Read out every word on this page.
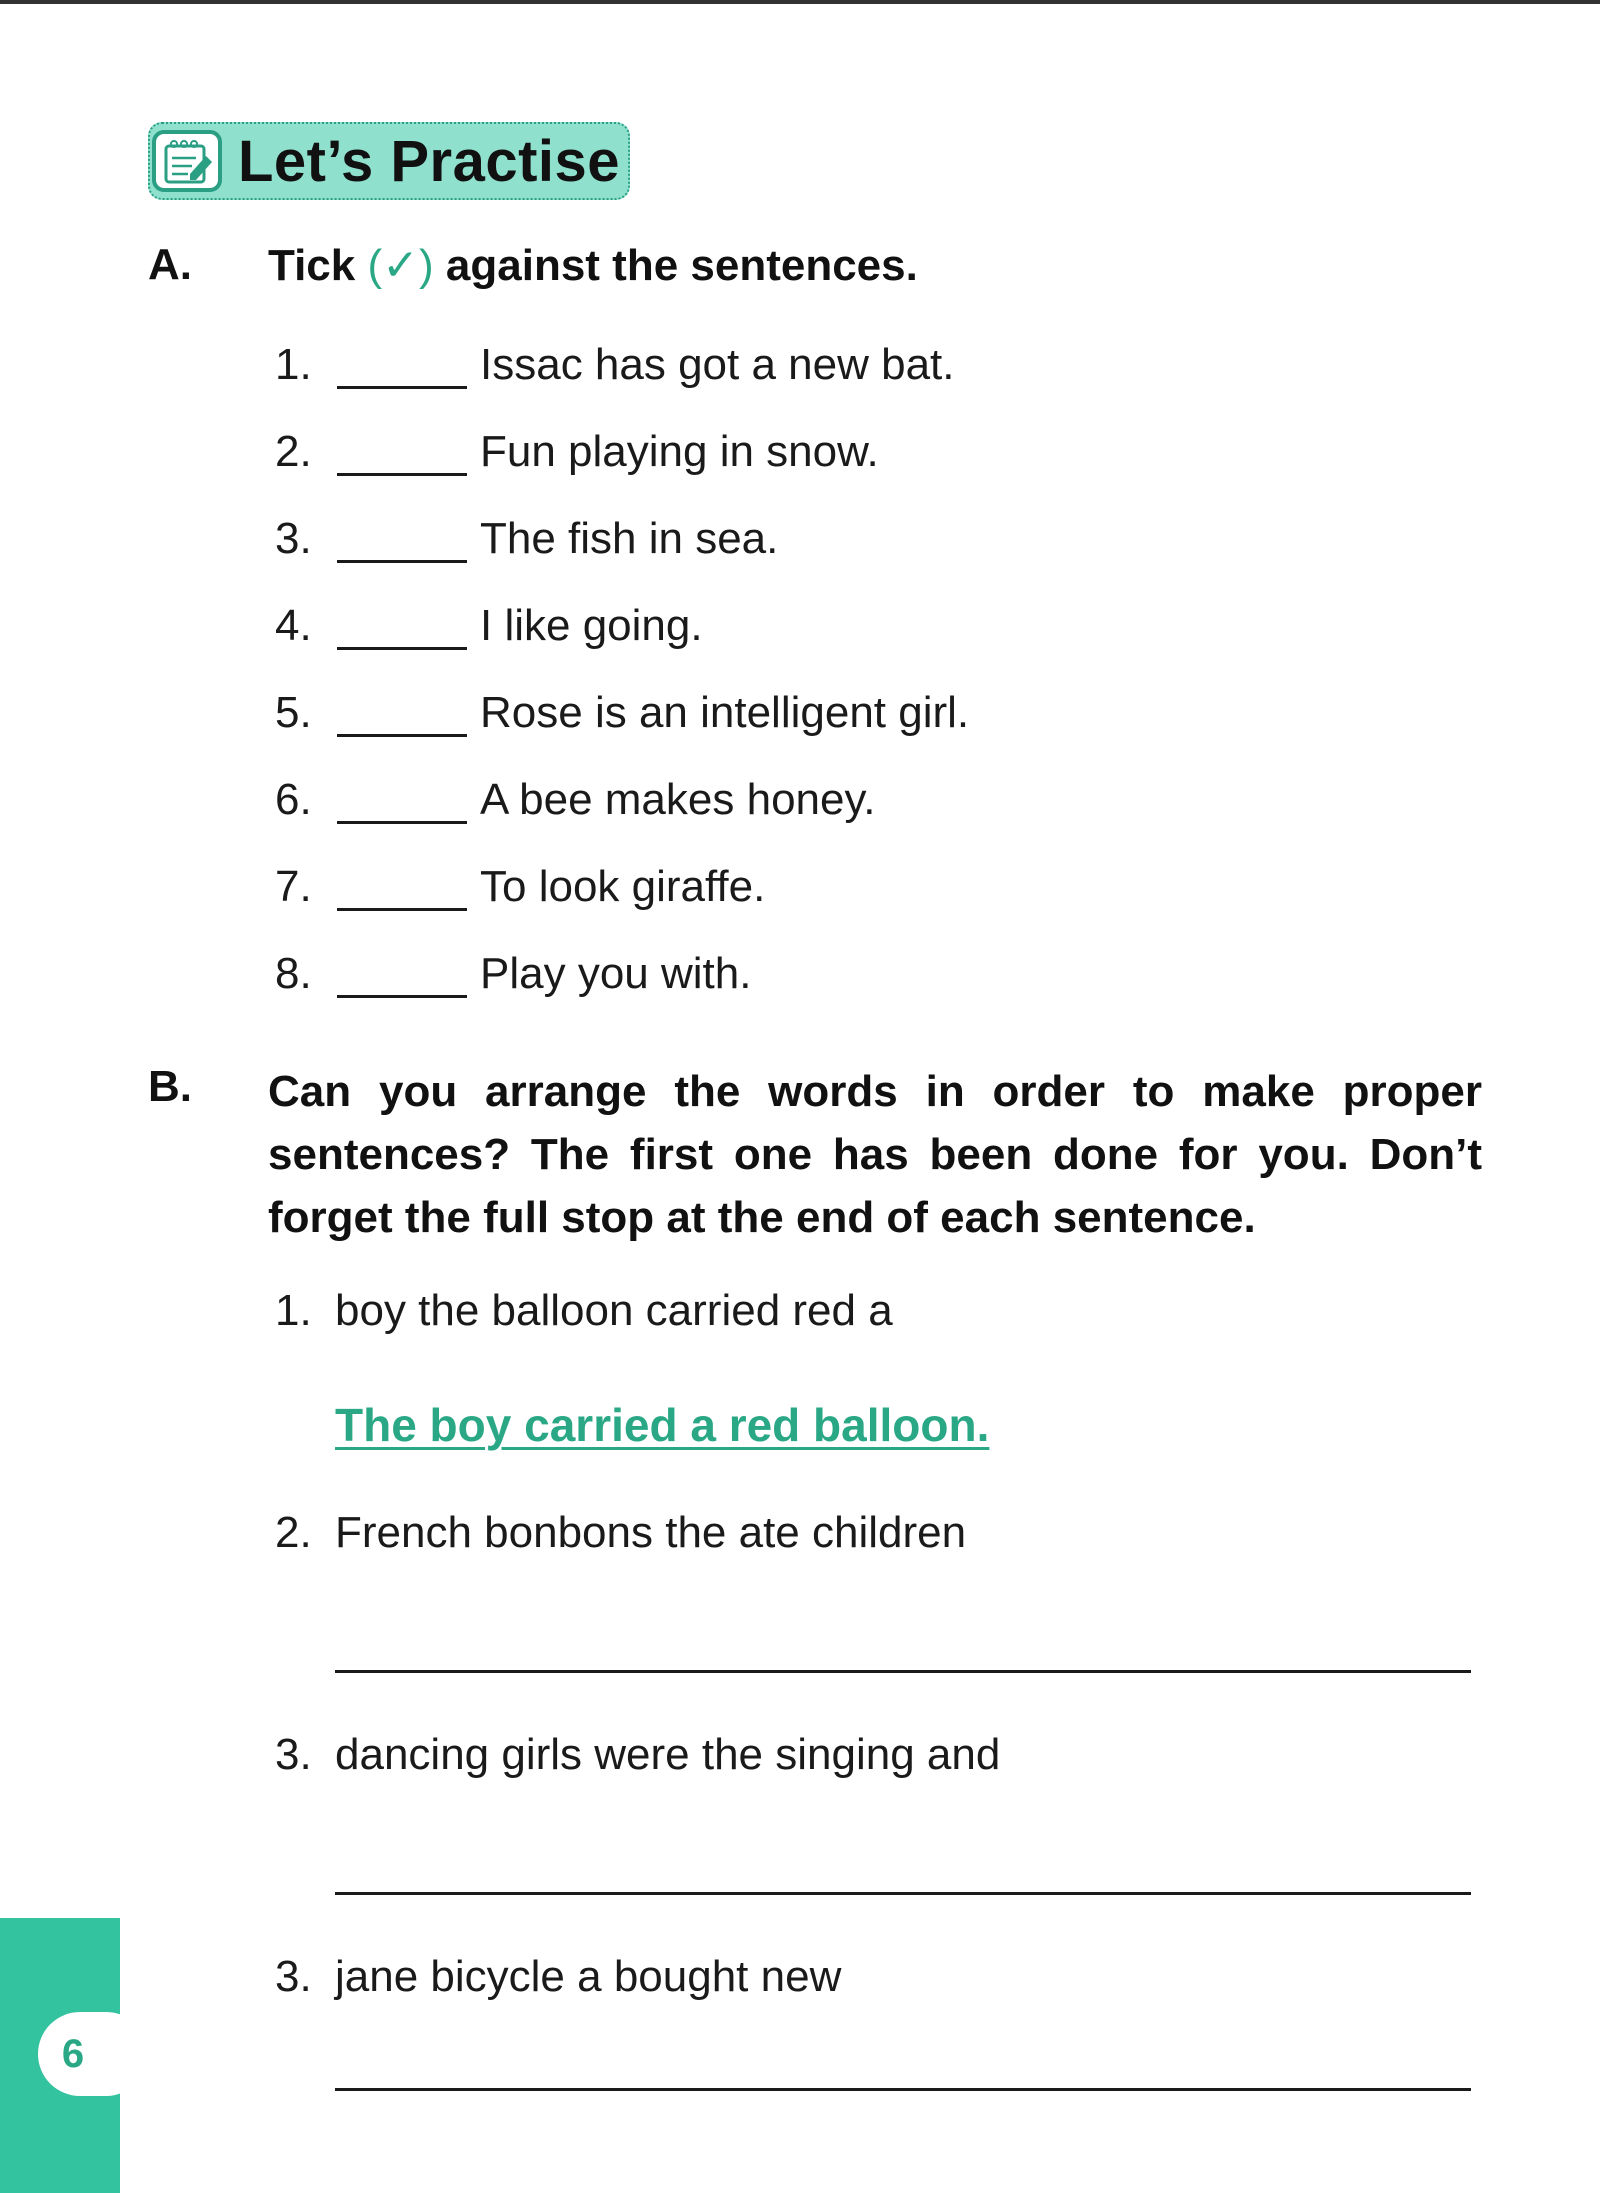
Let’s Practise
A. Tick (✓) against the sentences.
1.	Issac has got a new bat.
2.	Fun playing in snow.
3.	The fish in sea.
4.	I like going.
5.	Rose is an intelligent girl.
6.	A bee makes honey.
7.	To look giraffe.
8.	Play you with.
B. Can you arrange the words in order to make proper sentences? The first one has been done for you. Don’t forget the full stop at the end of each sentence.
1. boy the balloon carried red a
The boy carried a red balloon.
2. French bonbons the ate children
3. dancing girls were the singing and
3. jane bicycle a bought new
6
